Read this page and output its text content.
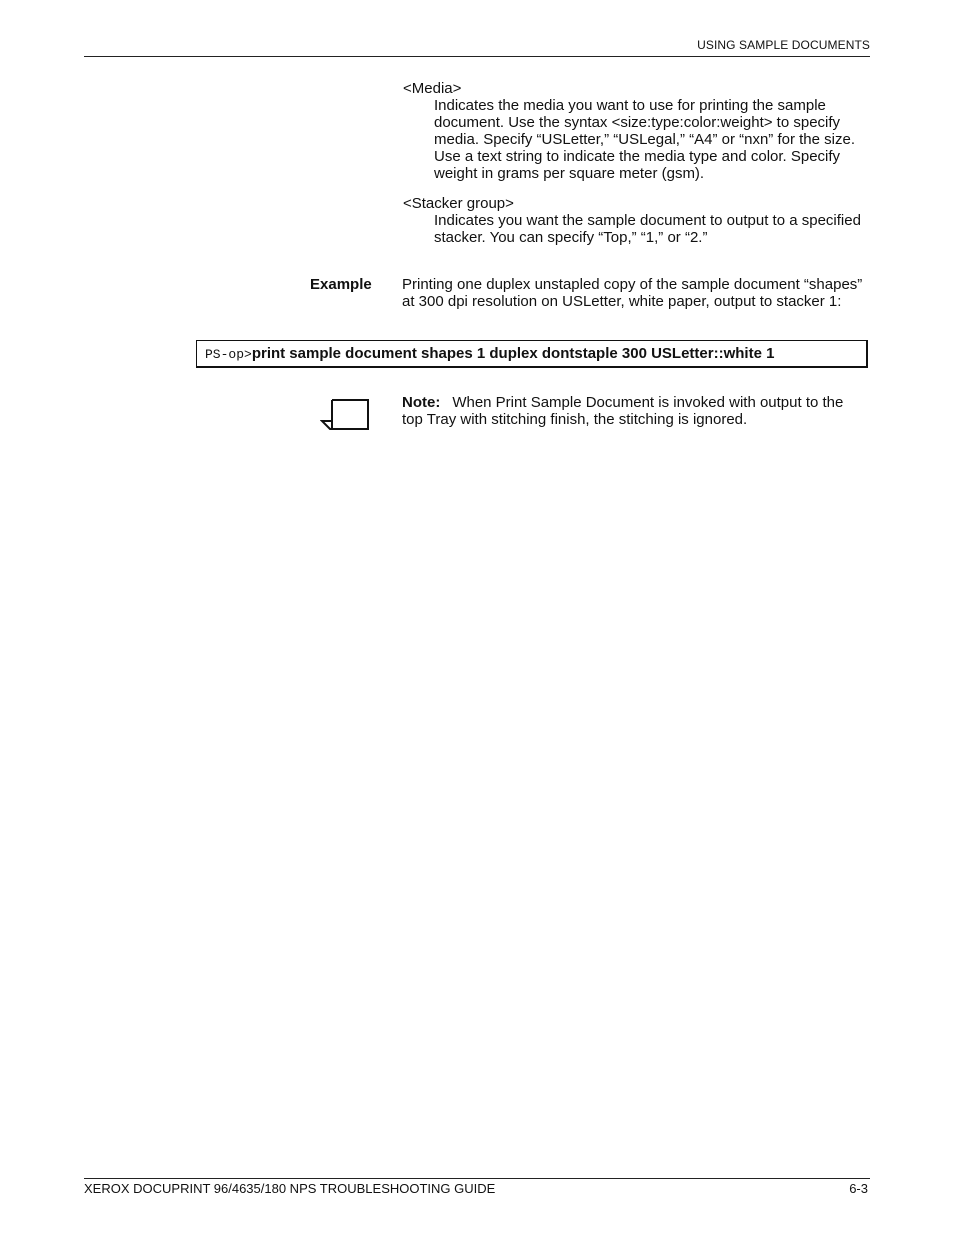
USING SAMPLE DOCUMENTS
<Media>
Indicates the media you want to use for printing the sample document. Use the syntax <size:type:color:weight> to specify media. Specify “USLetter,” “USLegal,” “A4” or “nxn” for the size. Use a text string to indicate the media type and color. Specify weight in grams per square meter (gsm).
<Stacker group>
Indicates you want the sample document to output to a specified stacker. You can specify “Top,” “1,” or “2.”
Example Printing one duplex unstapled copy of the sample document “shapes” at 300 dpi resolution on USLetter, white paper, output to stacker 1:
PS-op>print sample document shapes 1 duplex dontstaple 300 USLetter::white 1
Note: When Print Sample Document is invoked with output to the top Tray with stitching finish, the stitching is ignored.
XEROX DOCUPRINT 96/4635/180 NPS TROUBLESHOOTING GUIDE	6-3
